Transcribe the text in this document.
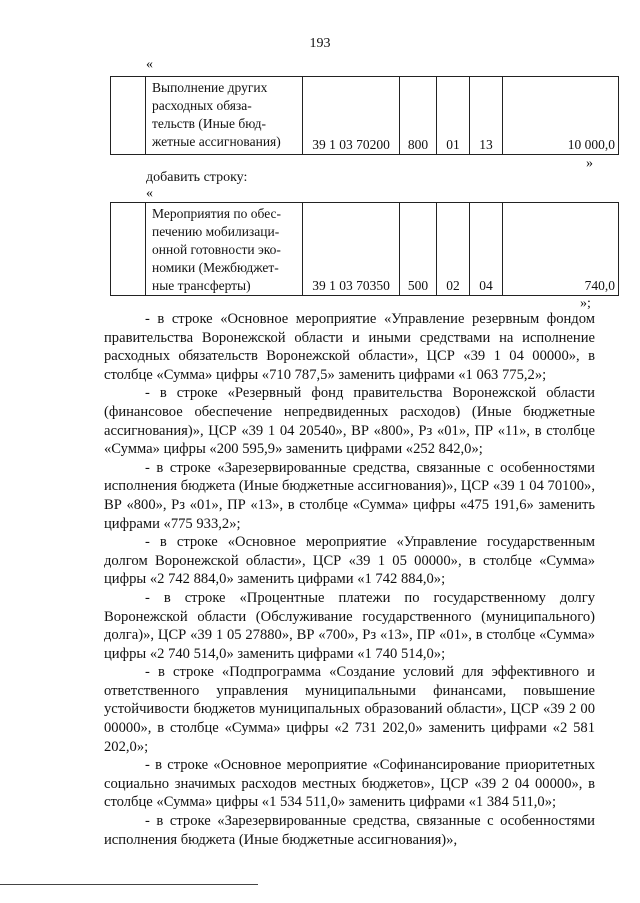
193
«

Выполнение других
расходных обяза-
тельств (Иные бюд-
жетные ассигнования)	39 1 03 70200	800	01	13	10 000,0
»
добавить строку:
«

Мероприятия по обес-
печению мобилизаци-
онной готовности эко-
номики (Межбюджет-
ные трансферты)	39 1 03 70350	500	02	04	740,0
»;

- в строке «Основное мероприятие «Управление резервным фондом правительства Воронежской области и иными средствами на исполнение расходных обязательств Воронежской области», ЦСР «39 1 04 00000», в столбце «Сумма» цифры «710 787,5» заменить цифрами «1 063 775,2»;

- в строке «Резервный фонд правительства Воронежской области (финансовое обеспечение непредвиденных расходов) (Иные бюджетные ассигнования)», ЦСР «39 1 04 20540», ВР «800», Рз «01», ПР «11», в столбце «Сумма» цифры «200 595,9» заменить цифрами «252 842,0»;

- в строке «Зарезервированные средства, связанные с особенностями исполнения бюджета (Иные бюджетные ассигнования)», ЦСР «39 1 04 70100», ВР «800», Рз «01», ПР «13», в столбце «Сумма» цифры «475 191,6» заменить цифрами «775 933,2»;

- в строке «Основное мероприятие «Управление государственным долгом Воронежской области», ЦСР «39 1 05 00000», в столбце «Сумма» цифры «2 742 884,0» заменить цифрами «1 742 884,0»;

- в строке «Процентные платежи по государственному долгу Воронежской области (Обслуживание государственного (муниципального) долга)», ЦСР «39 1 05 27880», ВР «700», Рз «13», ПР «01», в столбце «Сумма» цифры «2 740 514,0» заменить цифрами «1 740 514,0»;

- в строке «Подпрограмма «Создание условий для эффективного и ответственного управления муниципальными финансами, повышение устойчивости бюджетов муниципальных образований области», ЦСР «39 2 00 00000», в столбце «Сумма» цифры «2 731 202,0» заменить цифрами «2 581 202,0»;

- в строке «Основное мероприятие «Софинансирование приоритетных социально значимых расходов местных бюджетов», ЦСР «39 2 04 00000», в столбце «Сумма» цифры «1 534 511,0» заменить цифрами «1 384 511,0»;

- в строке «Зарезервированные средства, связанные с особенностями исполнения бюджета (Иные бюджетные ассигнования)»,
